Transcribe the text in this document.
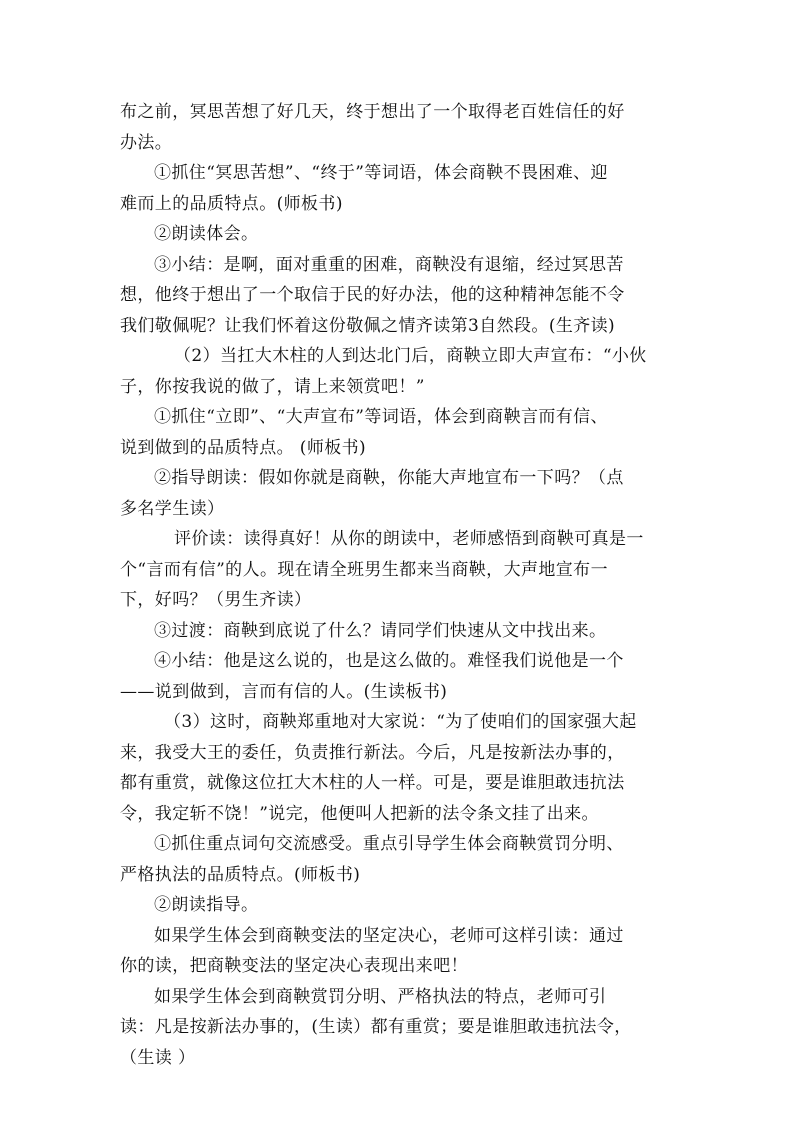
布之前，冥思苦想了好几天，终于想出了一个取得老百姓信任的好
办法。
①抓住“冥思苦想”、“终于”等词语，体会商鞅不畏困难、迎
难而上的品质特点。(师板书)
②朗读体会。
③小结：是啊，面对重重的困难，商鞅没有退缩，经过冥思苦
想，他终于想出了一个取信于民的好办法，他的这种精神怎能不令
我们敬佩呢？让我们怀着这份敬佩之情齐读第3自然段。(生齐读)
（2）当扛大木柱的人到达北门后，商鞅立即大声宣布：“小伙
子，你按我说的做了，请上来领赏吧！”
①抓住“立即”、“大声宣布”等词语，体会到商鞅言而有信、
说到做到的品质特点。 (师板书)
②指导朗读：假如你就是商鞅，你能大声地宣布一下吗？（点
多名学生读）
评价读：读得真好！从你的朗读中，老师感悟到商鞅可真是一
个“言而有信”的人。现在请全班男生都来当商鞅，大声地宣布一
下，好吗？（男生齐读）
③过渡：商鞅到底说了什么？请同学们快速从文中找出来。
④小结：他是这么说的，也是这么做的。难怪我们说他是一个
——说到做到，言而有信的人。(生读板书)
（3）这时，商鞅郑重地对大家说：“为了使咱们的国家强大起
来，我受大王的委任，负责推行新法。今后，凡是按新法办事的，
都有重赏，就像这位扛大木柱的人一样。可是，要是谁胆敢违抗法
令，我定斩不饶！”说完，他便叫人把新的法令条文挂了出来。
①抓住重点词句交流感受。重点引导学生体会商鞅赏罚分明、
严格执法的品质特点。(师板书)
②朗读指导。
如果学生体会到商鞅变法的坚定决心，老师可这样引读：通过
你的读，把商鞅变法的坚定决心表现出来吧！
如果学生体会到商鞅赏罚分明、严格执法的特点，老师可引
读：凡是按新法办事的，(生读）都有重赏；要是谁胆敢违抗法令，
（生读 ）
